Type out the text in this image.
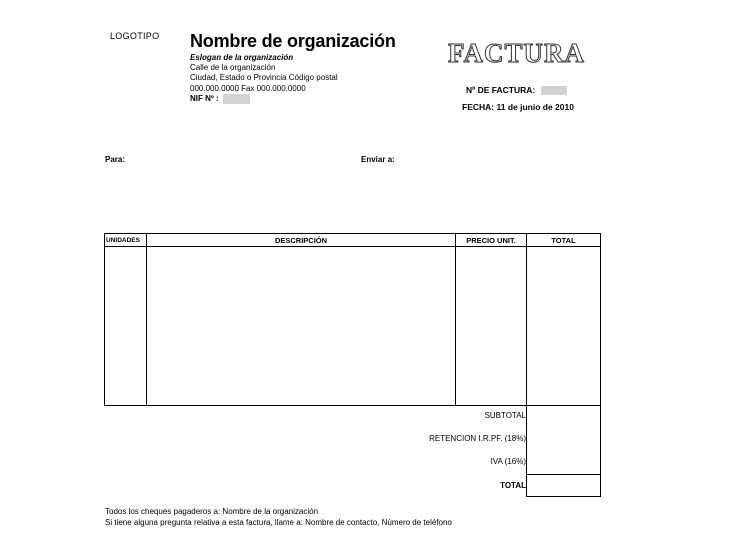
LOGOTIPO Nombre de organización
Eslogan de la organización
Calle de la organización
Ciudad, Estado o Provincia Código postal
000.000.0000 Fax 000.000.0000
NIF Nº :
FACTURA
Nº DE FACTURA:
FECHA: 11 de junio de 2010
Para:	Enviar a:
UNIDADES	DESCRIPCIÓN	PRECIO UNIT.	TOTAL
SUBTOTAL
RETENCION I.R.PF. (18%)
IVA (16%)
TOTAL
Todos los cheques pagaderos a: Nombre de la organización
Si tiene alguna pregunta relativa a esta factura, llame a: Nombre de contacto, Número de teléfono
